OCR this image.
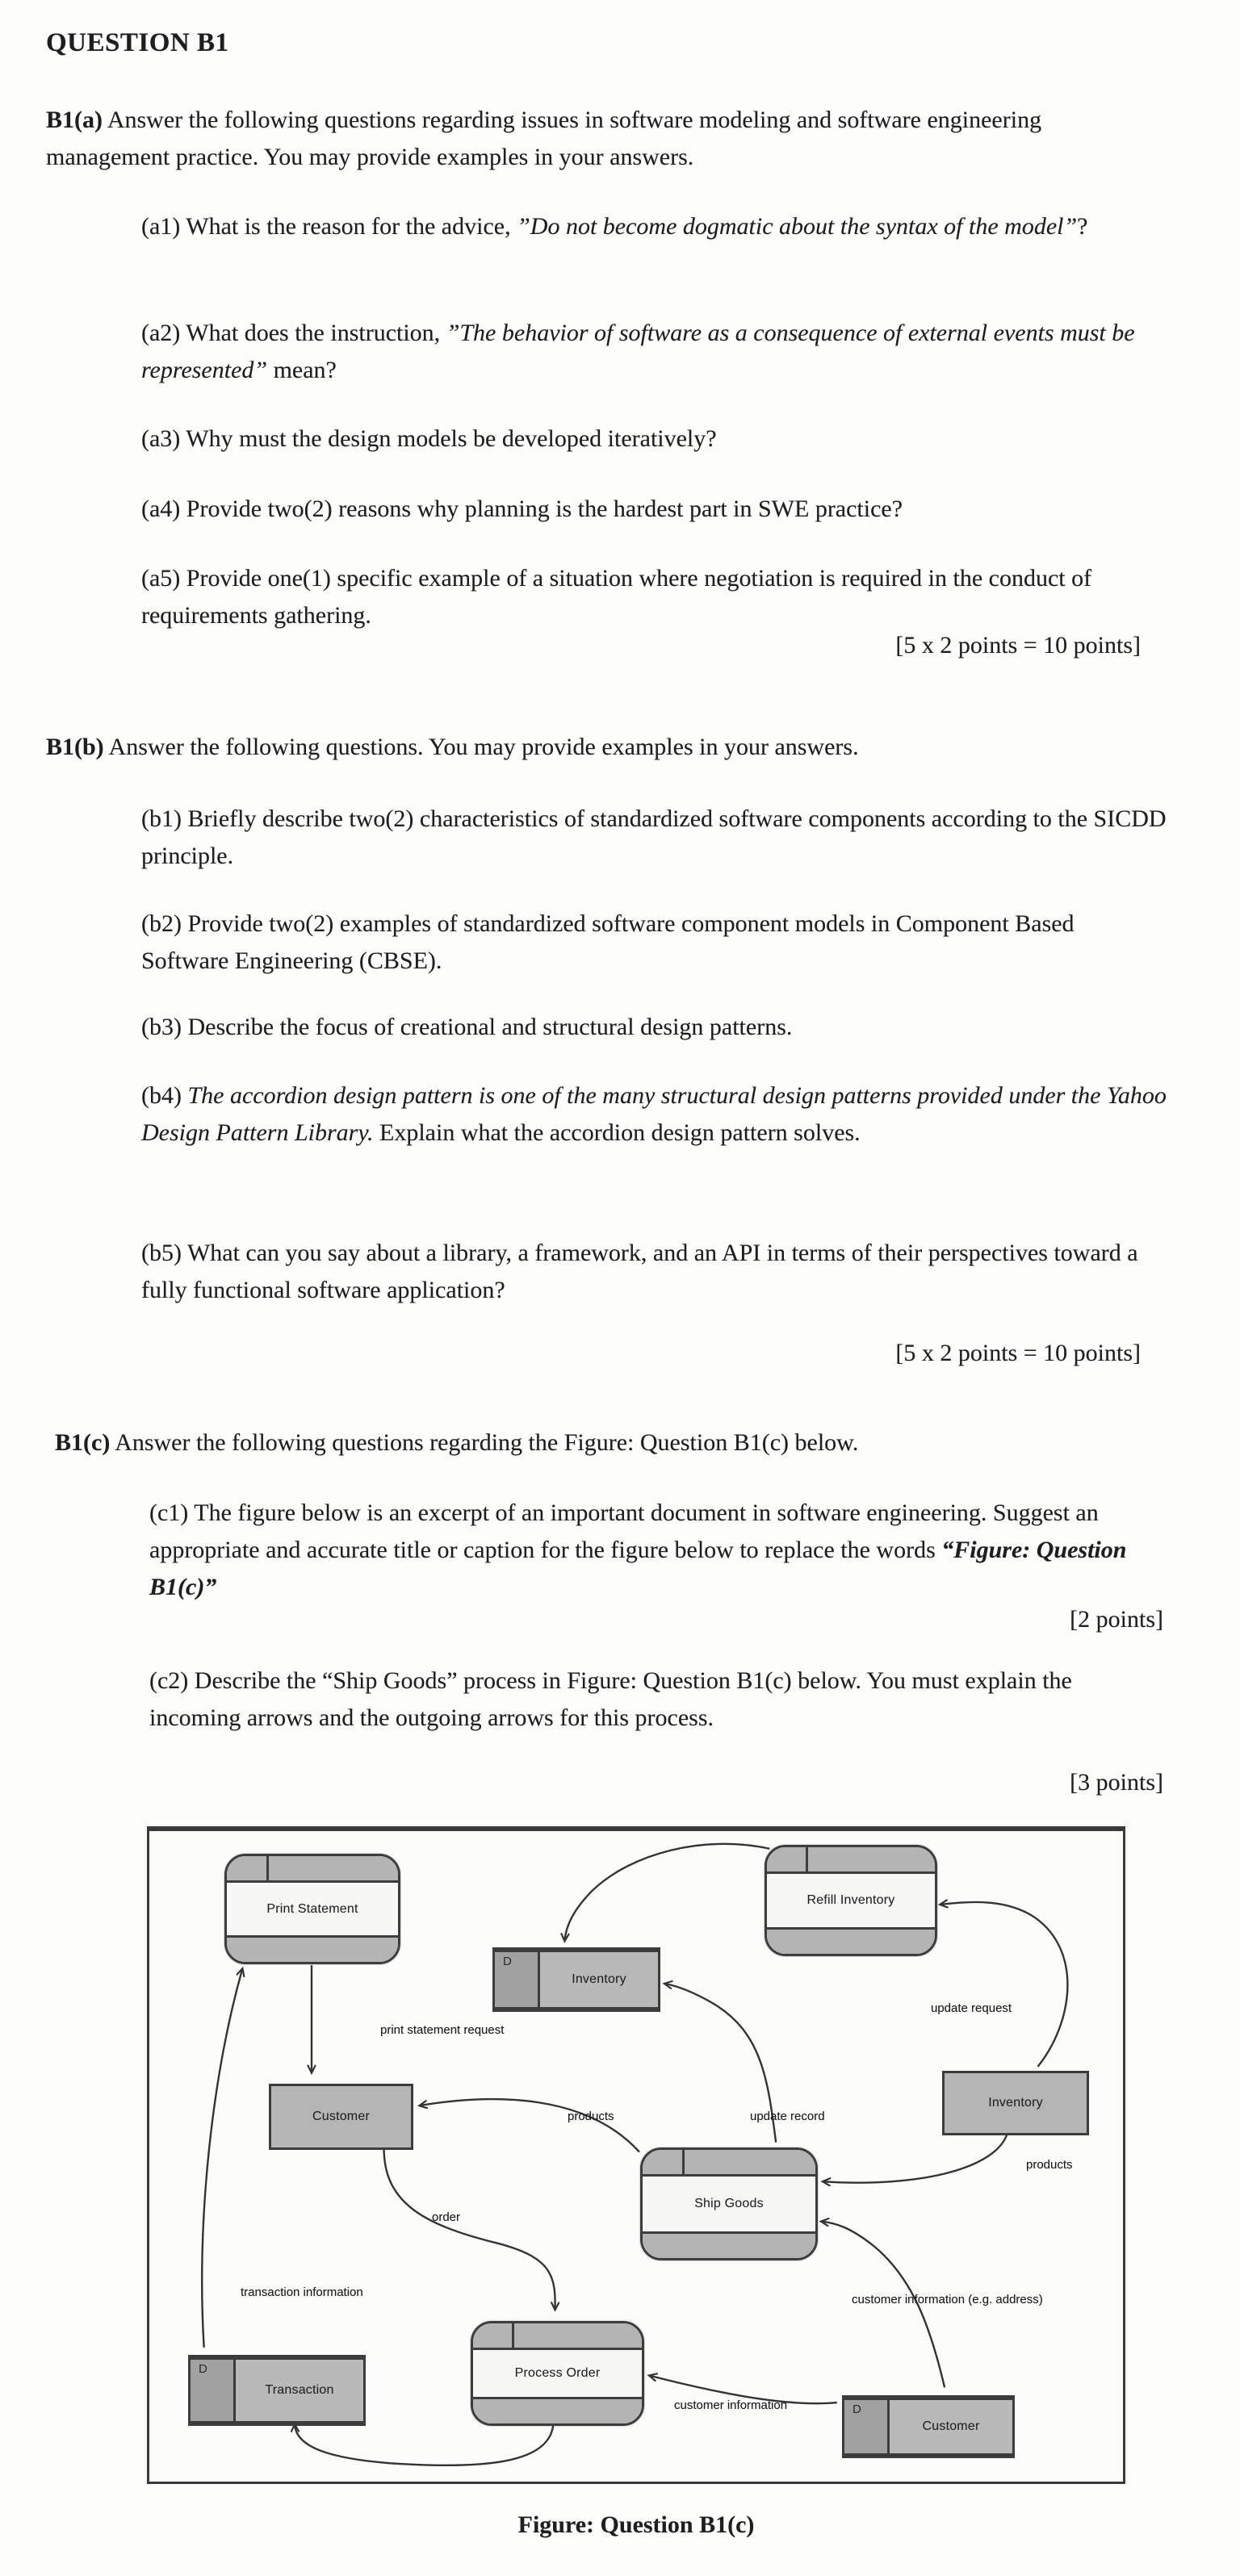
QUESTION B1
B1(a) Answer the following questions regarding issues in software modeling and software engineering management practice. You may provide examples in your answers.
(a1) What is the reason for the advice, ”Do not become dogmatic about the syntax of the model”?
(a2) What does the instruction, ”The behavior of software as a consequence of external events must be represented” mean?
(a3) Why must the design models be developed iteratively?
(a4) Provide two(2) reasons why planning is the hardest part in SWE practice?
(a5) Provide one(1) specific example of a situation where negotiation is required in the conduct of requirements gathering.
[5 x 2 points = 10 points]
B1(b) Answer the following questions. You may provide examples in your answers.
(b1) Briefly describe two(2) characteristics of standardized software components according to the SICDD principle.
(b2) Provide two(2) examples of standardized software component models in Component Based Software Engineering (CBSE).
(b3) Describe the focus of creational and structural design patterns.
(b4) The accordion design pattern is one of the many structural design patterns provided under the Yahoo Design Pattern Library. Explain what the accordion design pattern solves.
(b5) What can you say about a library, a framework, and an API in terms of their perspectives toward a fully functional software application?
[5 x 2 points = 10 points]
B1(c) Answer the following questions regarding the Figure: Question B1(c) below.
(c1) The figure below is an excerpt of an important document in software engineering. Suggest an appropriate and accurate title or caption for the figure below to replace the words “Figure: Question B1(c)”
[2 points]
(c2) Describe the “Ship Goods” process in Figure: Question B1(c) below. You must explain the incoming arrows and the outgoing arrows for this process.
[3 points]
Print Statement
Refill Inventory
Ship Goods
Process Order
D
Inventory
D
Transaction
D
Customer
Customer
Inventory
print statement request
products
update request
update record
products
customer information (e.g. address)
order
transaction information
customer information
Figure: Question B1(c)
